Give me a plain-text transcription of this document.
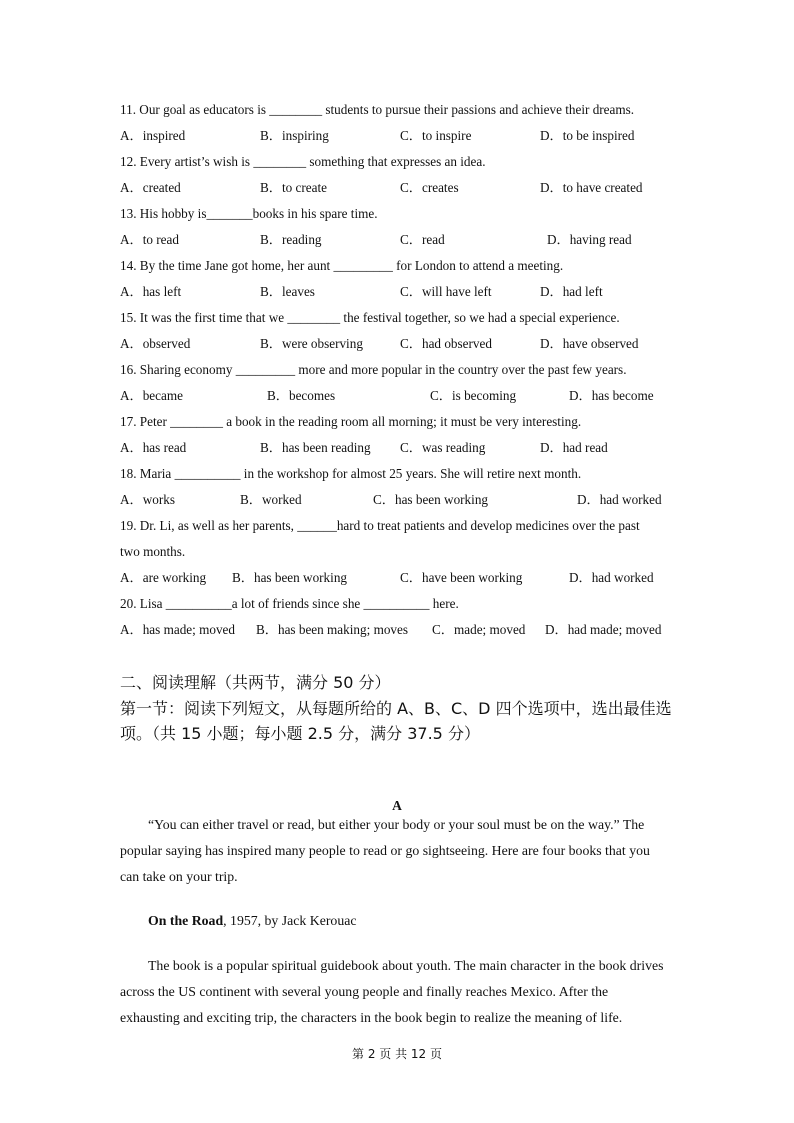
11. Our goal as educators is ________ students to pursue their passions and achieve their dreams.
A．inspired	B．inspiring	C．to inspire	D．to be inspired
12. Every artist’s wish is ________ something that expresses an idea.
A．created	B．to create	C．creates	D．to have created
13. His hobby is_______books in his spare time.
A．to read	B．reading	C．read	D．having read
14. By the time Jane got home, her aunt _________ for London to attend a meeting.
A．has left	B．leaves	C．will have left	D．had left
15. It was the first time that we ________ the festival together, so we had a special experience.
A．observed	B．were observing	C．had observed	D．have observed
16. Sharing economy _________ more and more popular in the country over the past few years.
A．became	B．becomes	C．is becoming	D．has become
17. Peter ________ a book in the reading room all morning; it must be very interesting.
A．has read	B．has been reading C．was reading	D．had read
18. Maria __________ in the workshop for almost 25 years. She will retire next month.
A．works	B．worked	C．has been working	D．had worked
19. Dr. Li, as well as her parents, ______hard to treat patients and develop medicines over the past
two months.
A．are working B．has been working	C．have been working	D．had worked
20. Lisa __________a lot of friends since she __________ here.
A．has made; moved B．has been making; moves C．made; moved D．had made; moved
二、阅读理解（共两节，满分 50 分）
第一节：阅读下列短文，从每题所给的 A、B、C、D 四个选项中，选出最佳选
项。（共 15 小题；每小题 2.5 分，满分 37.5 分）
A
“You can either travel or read, but either your body or your soul must be on the way.” The
popular saying has inspired many people to read or go sightseeing. Here are four books that you
can take on your trip.
On the Road, 1957, by Jack Kerouac
The book is a popular spiritual guidebook about youth. The main character in the book drives
across the US continent with several young people and finally reaches Mexico. After the
exhausting and exciting trip, the characters in the book begin to realize the meaning of life.
第 2 页 共 12 页
